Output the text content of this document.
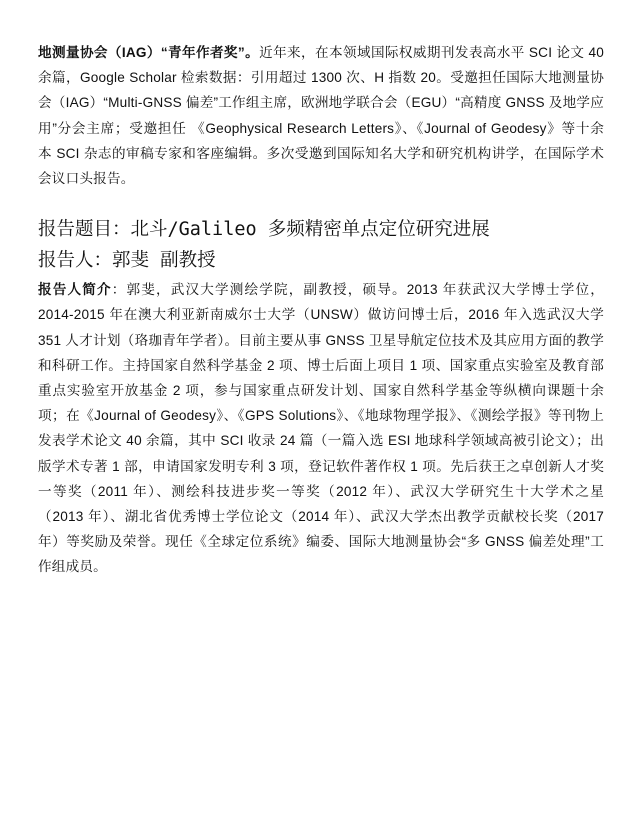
地测量协会（IAG）“青年作者奖”。近年来，在本领域国际权威期刊发表高水平 SCI 论文 40 余篇，Google Scholar 检索数据：引用超过 1300 次、H 指数 20。受邀担任国际大地测量协会（IAG）“Multi-GNSS 偏差”工作组主席，欧洲地学联合会（EGU）“高精度 GNSS 及地学应用”分会主席；受邀担任 《Geophysical Research Letters》、《Journal of Geodesy》等十余本 SCI 杂志的审稿专家和客座编辑。多次受邀到国际知名大学和研究机构讲学，在国际学术会议口头报告。

报告题目：北斗/Galileo 多频精密单点定位研究进展

报告人：郭斐 副教授

报告人简介：郭斐，武汉大学测绘学院，副教授，硕导。2013 年获武汉大学博士学位，2014-2015 年在澳大利亚新南威尔士大学（UNSW）做访问博士后，2016 年入选武汉大学 351 人才计划（珞珈青年学者）。目前主要从事 GNSS 卫星导航定位技术及其应用方面的教学和科研工作。主持国家自然科学基金 2 项、博士后面上项目 1 项、国家重点实验室及教育部重点实验室开放基金 2 项，参与国家重点研发计划、国家自然科学基金等纵横向课题十余项；在《Journal of Geodesy》、《GPS Solutions》、《地球物理学报》、《测绘学报》等刊物上发表学术论文 40 余篇，其中 SCI 收录 24 篇（一篇入选 ESI 地球科学领域高被引论文）；出版学术专著 1 部，申请国家发明专利 3 项，登记软件著作权 1 项。先后获王之卓创新人才奖一等奖（2011 年）、测绘科技进步奖一等奖（2012 年）、武汉大学研究生十大学术之星（2013 年）、湖北省优秀博士学位论文（2014 年）、武汉大学杰出教学贡献校长奖（2017 年）等奖励及荣誉。现任《全球定位系统》编委、国际大地测量协会“多 GNSS 偏差处理”工作组成员。
